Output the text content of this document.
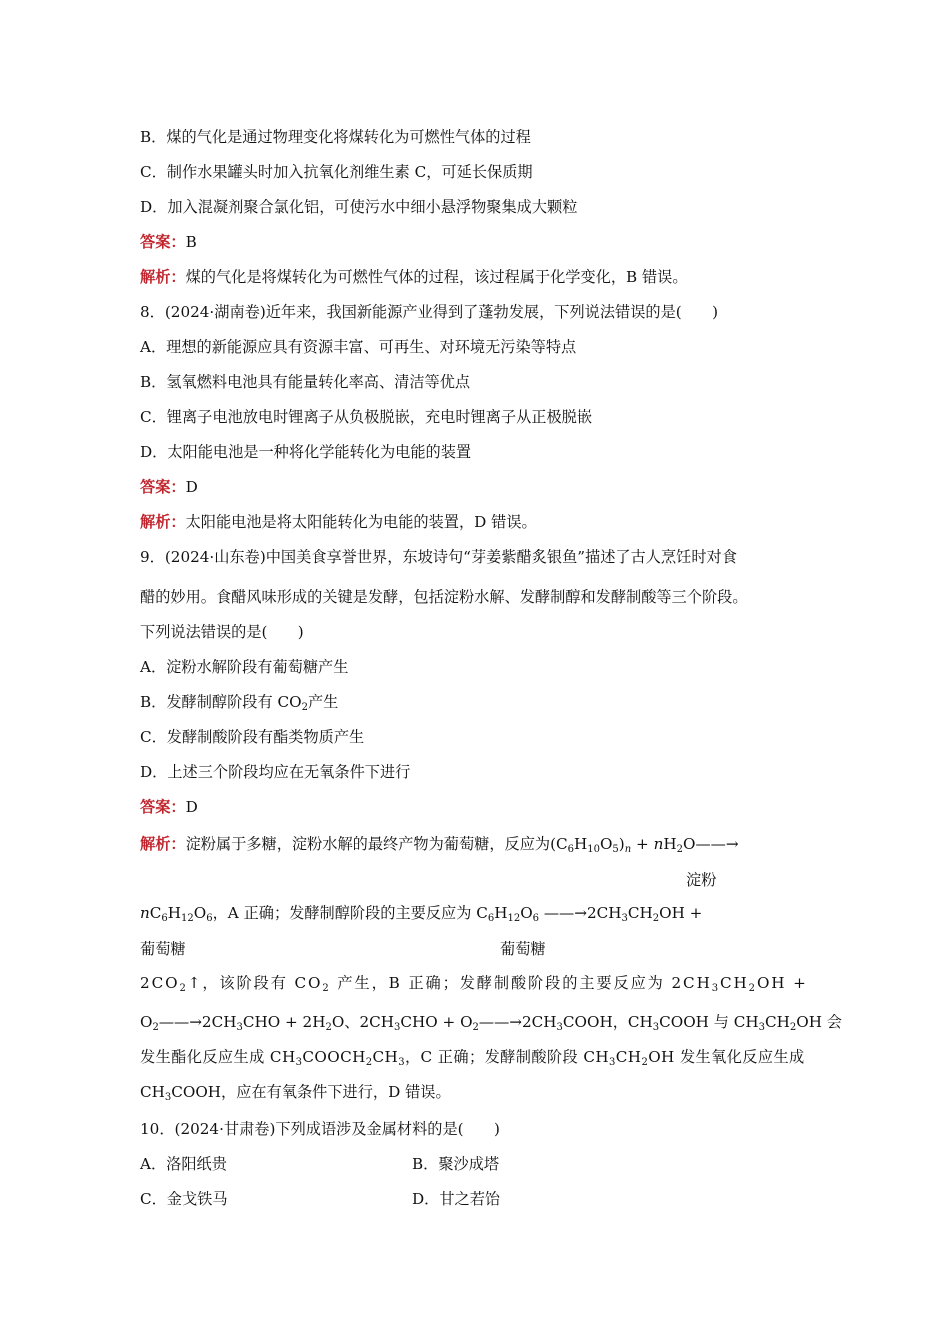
B．煤的气化是通过物理变化将煤转化为可燃性气体的过程

C．制作水果罐头时加入抗氧化剂维生素 C，可延长保质期

D．加入混凝剂聚合氯化铝，可使污水中细小悬浮物聚集成大颗粒

答案：B

解析：煤的气化是将煤转化为可燃性气体的过程，该过程属于化学变化，B 错误。

8．(2024·湖南卷)近年来，我国新能源产业得到了蓬勃发展，下列说法错误的是(　　)

A．理想的新能源应具有资源丰富、可再生、对环境无污染等特点

B．氢氧燃料电池具有能量转化率高、清洁等优点

C．锂离子电池放电时锂离子从负极脱嵌，充电时锂离子从正极脱嵌

D．太阳能电池是一种将化学能转化为电能的装置

答案：D

解析：太阳能电池是将太阳能转化为电能的装置，D 错误。

9．(2024·山东卷)中国美食享誉世界，东坡诗句“芽姜紫醋炙银鱼”描述了古人烹饪时对食

醋的妙用。食醋风味形成的关键是发酵，包括淀粉水解、发酵制醇和发酵制酸等三个阶段。

下列说法错误的是(　　)

A．淀粉水解阶段有葡萄糖产生

B．发酵制醇阶段有 $CO_2$产生

C．发酵制酸阶段有酯类物质产生

D．上述三个阶段均应在无氧条件下进行

答案：D

解析：淀粉属于多糖，淀粉水解的最终产物为葡萄糖，反应为$(C_6H_{10}O_5)_n$ + $nH_2O——\to$

淀粉

$nC_6H_{12}O_6$，A 正确；发酵制醇阶段的主要反应为 $C_6H_{12}O_6$ $——\to 2CH_3CH_2OH$ +

葡萄糖	葡萄糖

$2CO_2↑$，该阶段有 $CO_2$ 产生，B 正确；发酵制酸阶段的主要反应为 $2CH_3CH_2OH$ +

$O_2——\to 2CH_3CHO + 2H_2O$、$2CH_3CHO$ + $O_2——\to 2CH_3COOH$，$CH_3COOH$ 与 $CH_3CH_2OH$ 会

发生酯化反应生成 $CH_3COOCH_2CH_3$，C 正确；发酵制酸阶段 $CH_3CH_2OH$ 发生氧化反应生成

$CH_3COOH$，应在有氧条件下进行，D 错误。

10．(2024·甘肃卷)下列成语涉及金属材料的是(　　)

A．洛阳纸贵	B．聚沙成塔

C．金戈铁马	D．甘之若饴
